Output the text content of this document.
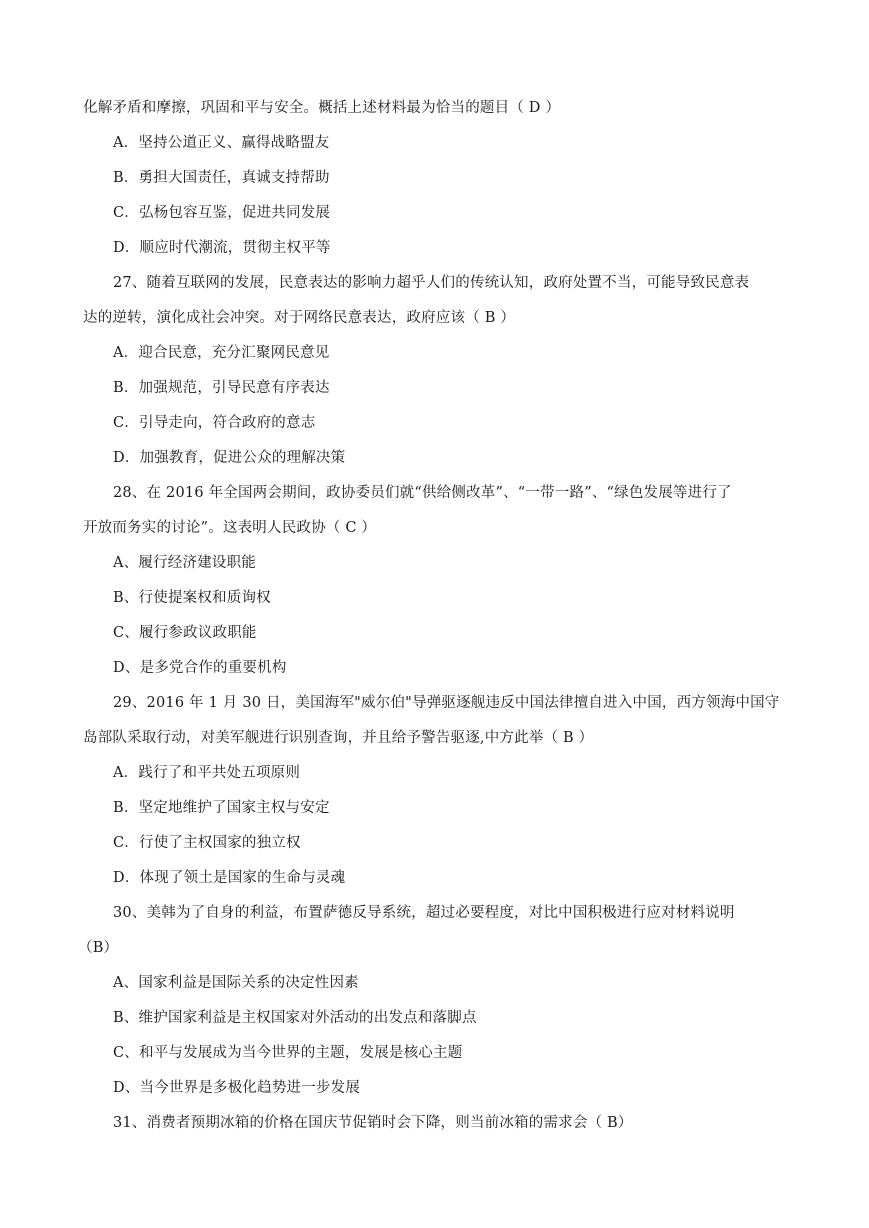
化解矛盾和摩擦，巩固和平与安全。概括上述材料最为恰当的题目（ D ）
A．坚持公道正义、赢得战略盟友
B．勇担大国责任，真诚支持帮助
C．弘杨包容互鉴，促进共同发展
D．顺应时代潮流，贯彻主权平等
27、随着互联网的发展，民意表达的影响力超乎人们的传统认知，政府处置不当，可能导致民意表
达的逆转，演化成社会冲突。对于网络民意表达，政府应该（ B ）
A．迎合民意，充分汇聚网民意见
B．加强规范，引导民意有序表达
C．引导走向，符合政府的意志
D．加强教育，促进公众的理解决策
28、在 2016 年全国两会期间，政协委员们就“供给侧改革”、“一带一路”、“绿色发展等进行了
开放而务实的讨论”。这表明人民政协（ C ）
A、履行经济建设职能
B、行使提案权和质询权
C、履行参政议政职能
D、是多党合作的重要机构
29、2016 年 1 月 30 日，美国海军"威尔伯"导弹驱逐舰违反中国法律擅自进入中国，西方领海中国守
岛部队采取行动，对美军舰进行识别查询，并且给予警告驱逐,中方此举（ B ）
A．践行了和平共处五项原则
B．坚定地维护了国家主权与安定
C．行使了主权国家的独立权
D．体现了领土是国家的生命与灵魂
30、美韩为了自身的利益，布置萨德反导系统，超过必要程度，对比中国积极进行应对材料说明
（B）
A、国家利益是国际关系的决定性因素
B、维护国家利益是主权国家对外活动的出发点和落脚点
C、和平与发展成为当今世界的主题，发展是核心主题
D、当今世界是多极化趋势进一步发展
31、消费者预期冰箱的价格在国庆节促销时会下降，则当前冰箱的需求会（ B）
